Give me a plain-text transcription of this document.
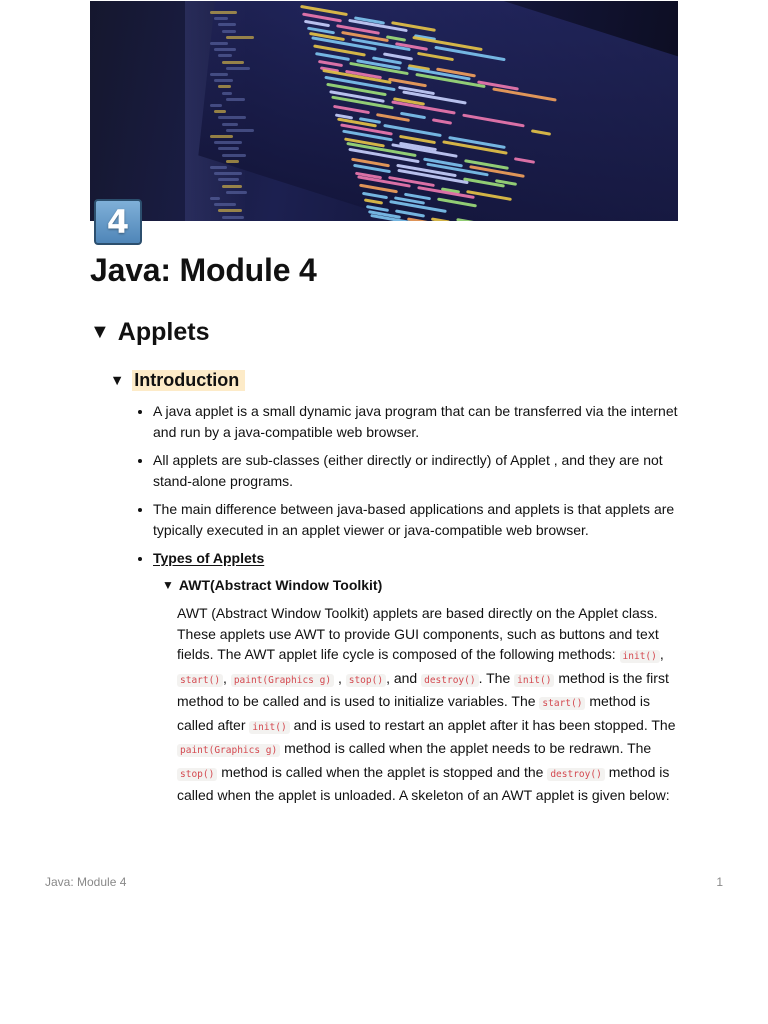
4
Java: Module 4
▼ Applets
▼ Introduction
• A java applet is a small dynamic java program that can be transferred via the internet and run by a java-compatible web browser.
• All applets are sub-classes (either directly or indirectly) of Applet , and they are not stand-alone programs.
• The main difference between java-based applications and applets is that applets are typically executed in an applet viewer or java-compatible web browser.
• Types of Applets
▼ AWT(Abstract Window Toolkit)

AWT (Abstract Window Toolkit) applets are based directly on the Applet class. These applets use AWT to provide GUI components, such as buttons and text fields. The AWT applet life cycle is composed of the following methods: init() , start() , paint(Graphics g) , stop() , and destroy() . The init() method is the first method to be called and is used to initialize variables. The start() method is called after init() and is used to restart an applet after it has been stopped. The paint(Graphics g) method is called when the applet needs to be redrawn. The stop() method is called when the applet is stopped and the destroy() method is called when the applet is unloaded. A skeleton of an AWT applet is given below:

Java: Module 4	1
